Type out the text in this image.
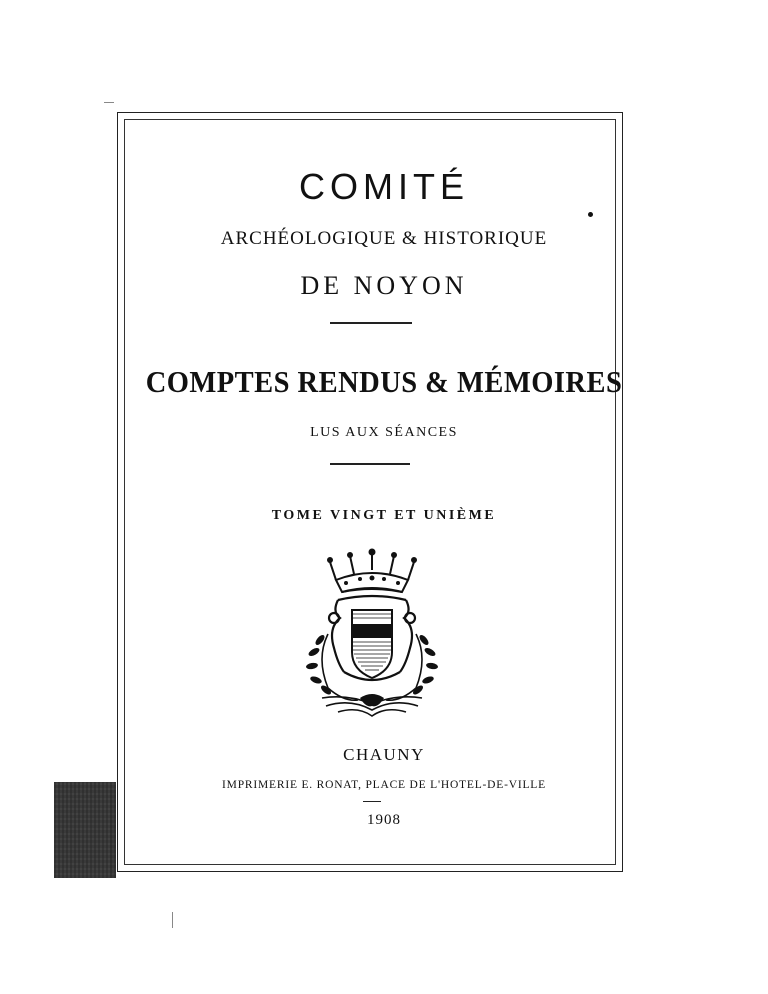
COMITÉ
ARCHÉOLOGIQUE & HISTORIQUE
DE NOYON
COMPTES RENDUS & MÉMOIRES
LUS AUX SÉANCES
TOME VINGT ET UNIÈME
CHAUNY
IMPRIMERIE E. RONAT, PLACE DE L'HOTEL-DE-VILLE
1908
